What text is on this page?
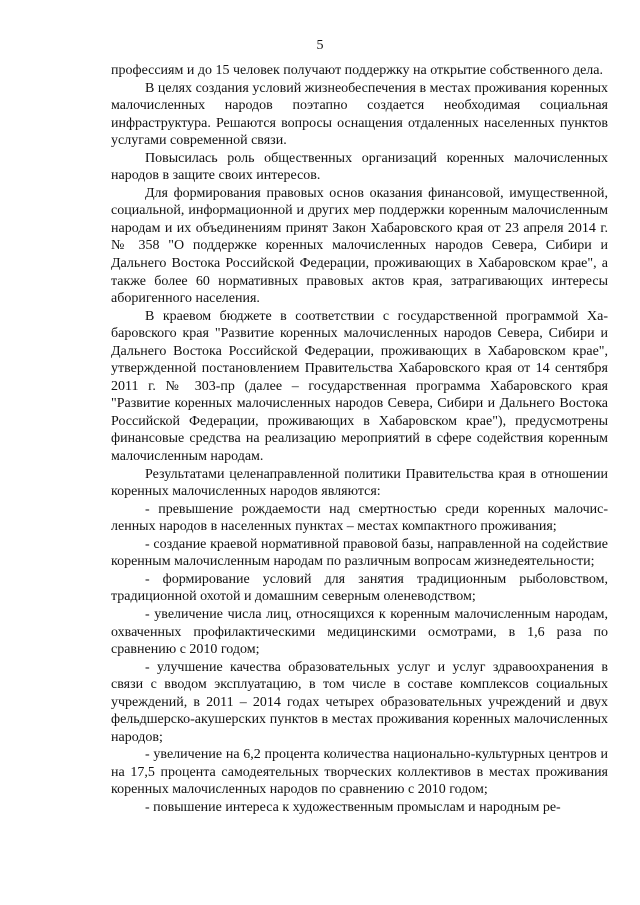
5

профессиям и до 15 человек получают поддержку на открытие собственного дела.

В целях создания условий жизнеобеспечения в местах проживания коренных малочисленных народов поэтапно создается необходимая социальная инфраструктура. Решаются вопросы оснащения отдаленных населенных пунктов услугами современной связи.

Повысилась роль общественных организаций коренных малочисленных народов в защите своих интересов.

Для формирования правовых основ оказания финансовой, имущественной, социальной, информационной и других мер поддержки коренным малочисленным народам и их объединениям принят Закон Хабаровского края от 23 апреля 2014 г. № 358 "О поддержке коренных малочисленных народов Севера, Сибири и Дальнего Востока Российской Федерации, проживающих в Хабаровском крае", а также более 60 нормативных правовых актов края, затрагивающих интересы аборигенного населения.

В краевом бюджете в соответствии с государственной программой Хабаровского края "Развитие коренных малочисленных народов Севера, Сибири и Дальнего Востока Российской Федерации, проживающих в Хабаровском крае", утвержденной постановлением Правительства Хабаровского края от 14 сентября 2011 г. № 303-пр (далее – государственная программа Хабаровского края "Развитие коренных малочисленных народов Севера, Сибири и Дальнего Востока Российской Федерации, проживающих в Хабаровском крае"), предусмотрены финансовые средства на реализацию мероприятий в сфере содействия коренным малочисленным народам.

Результатами целенаправленной политики Правительства края в отношении коренных малочисленных народов являются:

- превышение рождаемости над смертностью среди коренных малочисленных народов в населенных пунктах – местах компактного проживания;

- создание краевой нормативной правовой базы, направленной на содействие коренным малочисленным народам по различным вопросам жизнедеятельности;

- формирование условий для занятия традиционным рыболовством, традиционной охотой и домашним северным оленеводством;

- увеличение числа лиц, относящихся к коренным малочисленным народам, охваченных профилактическими медицинскими осмотрами, в 1,6 раза по сравнению с 2010 годом;

- улучшение качества образовательных услуг и услуг здравоохранения в связи с вводом эксплуатацию, в том числе в составе комплексов социальных учреждений, в 2011 – 2014 годах четырех образовательных учреждений и двух фельдшерско-акушерских пунктов в местах проживания коренных малочисленных народов;

- увеличение на 6,2 процента количества национально-культурных центров и на 17,5 процента самодеятельных творческих коллективов в местах проживания коренных малочисленных народов по сравнению с 2010 годом;

- повышение интереса к художественным промыслам и народным ре-
